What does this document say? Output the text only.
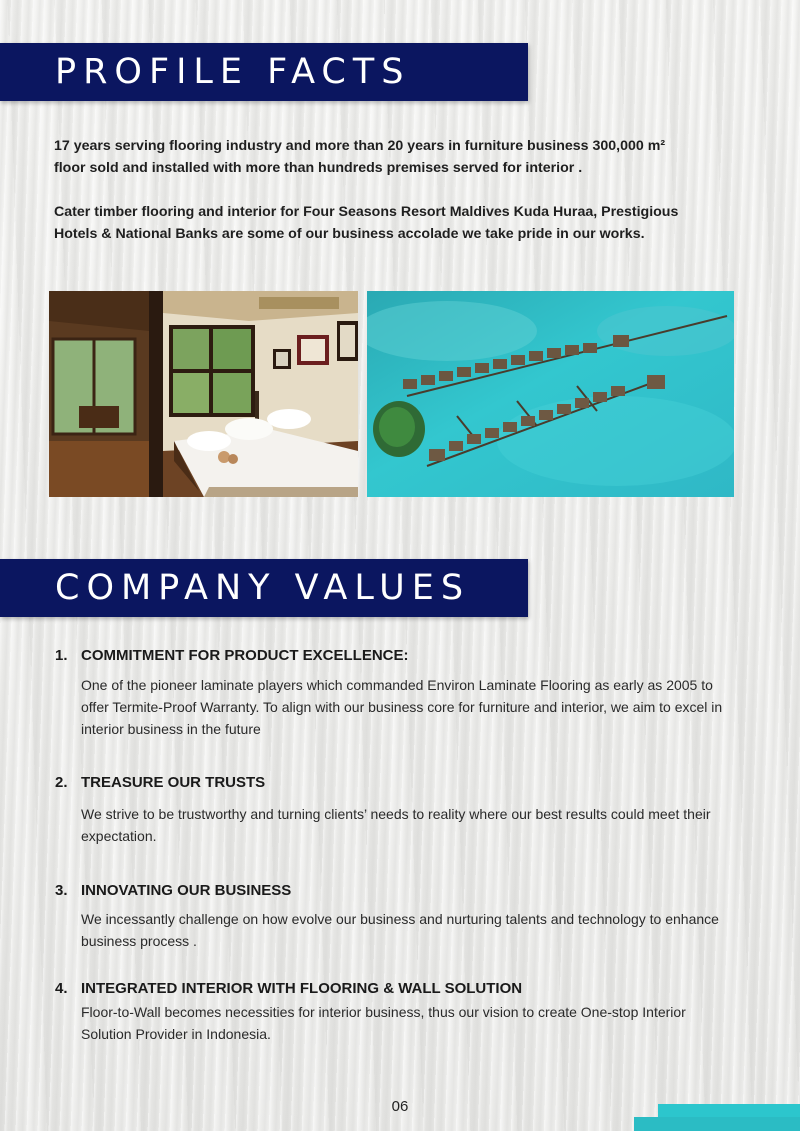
PROFILE FACTS
17 years serving flooring industry and more than 20 years in furniture business 300,000 m² floor sold and installed with more than hundreds premises served for interior .
Cater timber flooring and interior for Four Seasons Resort Maldives Kuda Huraa, Prestigious Hotels & National Banks are some of our business accolade we take pride in our works.
COMPANY VALUES
1. COMMITMENT FOR PRODUCT EXCELLENCE:
One of the pioneer laminate players which commanded Environ Laminate Flooring as early as 2005 to offer Termite-Proof Warranty. To align with our business core for furniture and interior, we aim to excel in interior business in the future
2. TREASURE OUR TRUSTS
We strive to be trustworthy and turning clients’ needs to reality where our best results could meet their expectation.
3. INNOVATING OUR BUSINESS
We incessantly challenge on how evolve our business and nurturing talents and technology to enhance business process .
4. INTEGRATED INTERIOR WITH FLOORING & WALL SOLUTION
Floor-to-Wall becomes necessities for interior business, thus our vision to create One-stop Interior Solution Provider in Indonesia.
06
